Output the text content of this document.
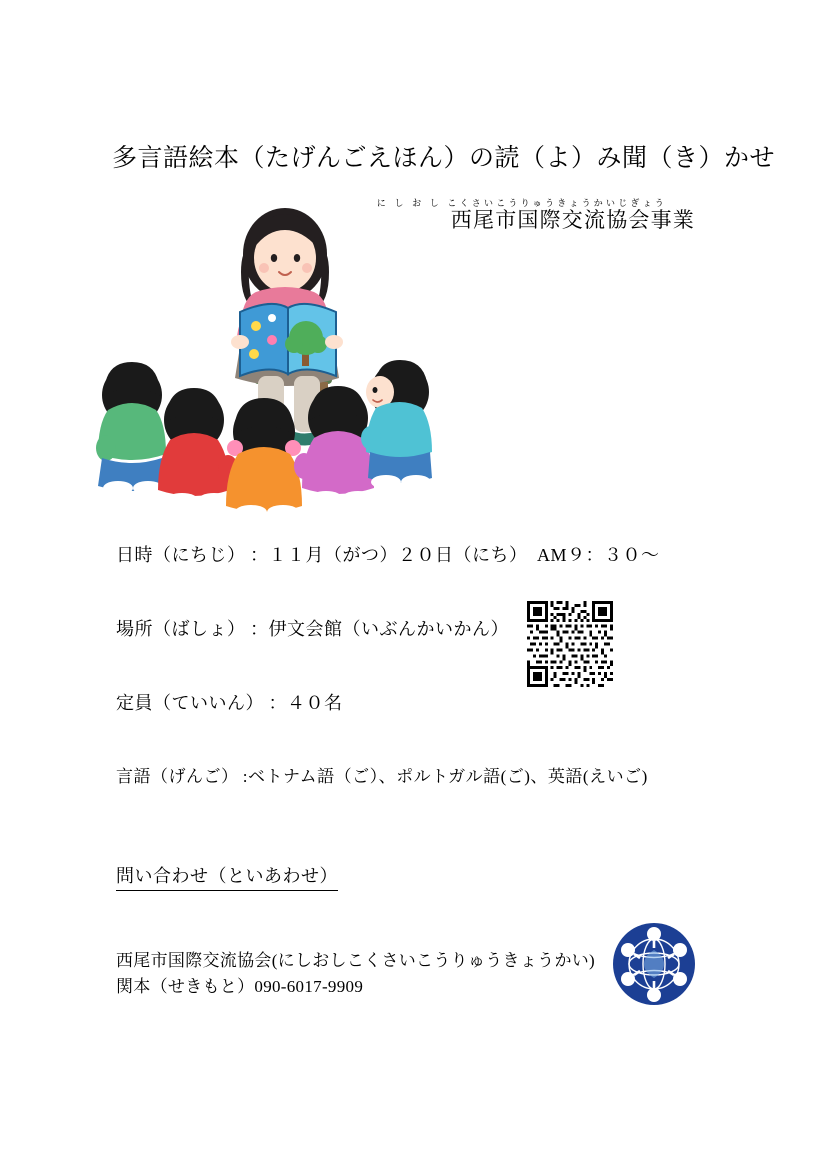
多言語絵本（たげんごえほん）の読（よ）み聞（き）かせ
に し お し こくさいこうりゅうきょうかいじぎょう
西尾市国際交流協会事業
日時（にちじ） ：１１月（がつ）２０日（にち）　AM９：３０～
場所（ばしょ） ：伊文会館（いぶんかいかん）
定員（ていいん） ：４０名
言語（げんご） :ベトナム語（ご）、ポルトガル語(ご)、英語(えいご)
問い合わせ（といあわせ）
西尾市国際交流協会(にしおしこくさいこうりゅうきょうかい)
関本（せきもと）090-6017-9909
